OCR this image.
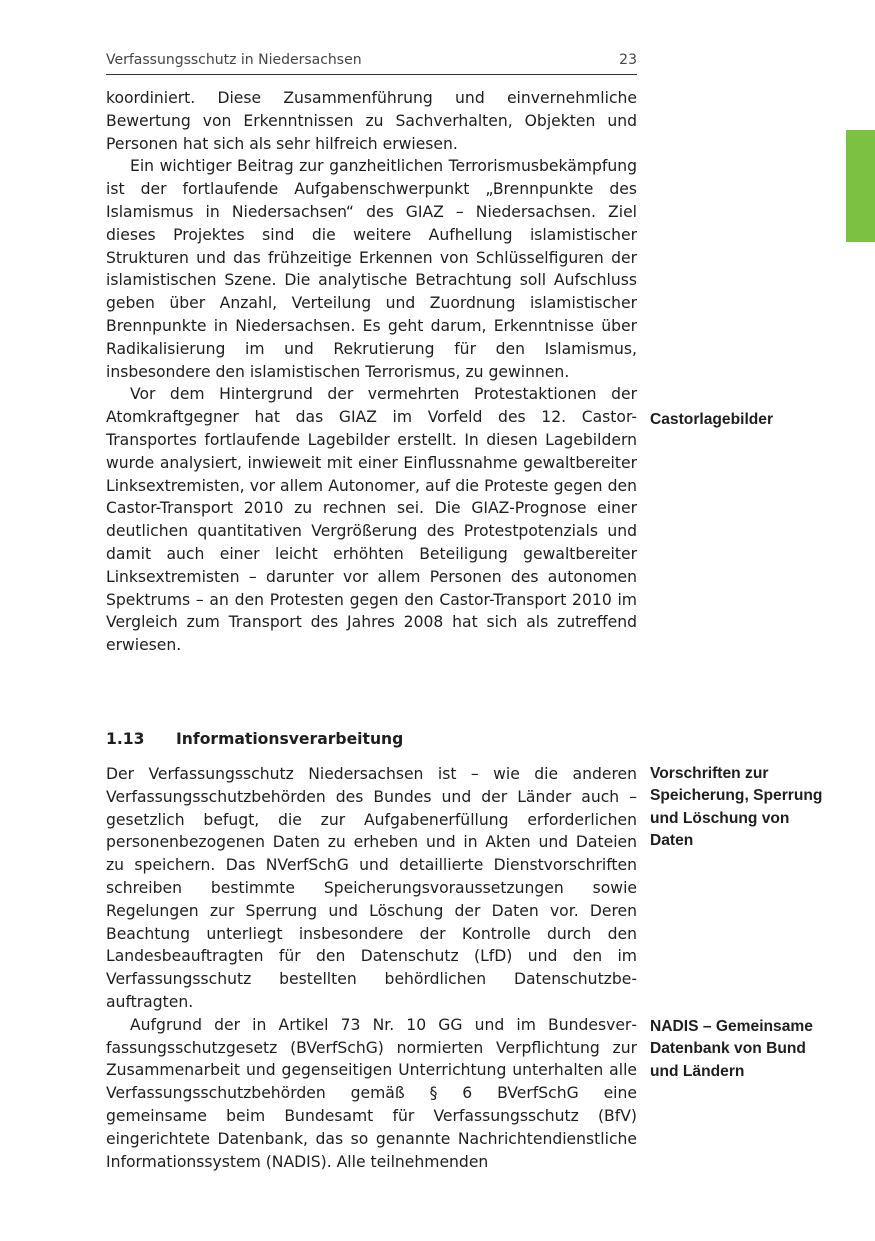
Verfassungsschutz in Niedersachsen	23

koordiniert. Diese Zusammenführung und einvernehmliche Bewertung von Erkenntnissen zu Sachverhalten, Objekten und Personen hat sich als sehr hilfreich erwiesen.

Ein wichtiger Beitrag zur ganzheitlichen Terrorismusbekämpfung ist der fortlaufende Aufgabenschwerpunkt „Brennpunkte des Islamismus in Niedersachsen“ des GIAZ – Niedersachsen. Ziel dieses Projektes sind die weitere Aufhellung islamistischer Strukturen und das frühzeitige Erkennen von Schlüsselfiguren der islamistischen Szene. Die analytische Betrachtung soll Aufschluss geben über Anzahl, Verteilung und Zuordnung islamistischer Brennpunkte in Niedersachsen. Es geht darum, Erkenntnisse über Radikalisierung im und Rekrutierung für den Islamismus, insbesondere den islamistischen Terrorismus, zu gewinnen.

Vor dem Hintergrund der vermehrten Protestaktionen der Atomkraftgegner hat das GIAZ im Vorfeld des 12. Castor-Transportes fortlaufende Lagebilder erstellt. In diesen Lagebildern wurde analysiert, inwieweit mit einer Einflussnahme gewaltbereiter Linksextremisten, vor allem Autonomer, auf die Proteste gegen den Castor-Transport 2010 zu rechnen sei. Die GIAZ-Prognose einer deutlichen quantitativen Vergrößerung des Protestpotenzials und damit auch einer leicht erhöhten Beteiligung gewaltbereiter Linksextremisten – darunter vor allem Personen des autonomen Spektrums – an den Protesten gegen den Castor-Transport 2010 im Vergleich zum Transport des Jahres 2008 hat sich als zutreffend erwiesen.

Castorlagebilder
1.13 Informationsverarbeitung

Der Verfassungsschutz Niedersachsen ist – wie die anderen Verfassungsschutzbehörden des Bundes und der Länder auch – gesetzlich befugt, die zur Aufgabenerfüllung erforderlichen personenbezogenen Daten zu erheben und in Akten und Dateien zu speichern. Das NVerfSchG und detaillierte Dienstvorschriften schreiben bestimmte Speicherungsvoraussetzungen sowie Regelungen zur Sperrung und Löschung der Daten vor. Deren Beachtung unterliegt insbesondere der Kontrolle durch den Landesbeauftragten für den Datenschutz (LfD) und den im Verfassungsschutz bestellten behördlichen Datenschutzbeauftragten.

Aufgrund der in Artikel 73 Nr. 10 GG und im Bundesverfassungsschutzgesetz (BVerfSchG) normierten Verpflichtung zur Zusammenarbeit und gegenseitigen Unterrichtung unterhalten alle Verfassungsschutzbehörden gemäß § 6 BVerfSchG eine gemeinsame beim Bundesamt für Verfassungsschutz (BfV) eingerichtete Datenbank, das so genannte Nachrichtendienstliche Informationssystem (NADIS). Alle teilnehmenden

Vorschriften zur Speicherung, Sperrung und Löschung von Daten
NADIS – Gemeinsame Datenbank von Bund und Ländern
